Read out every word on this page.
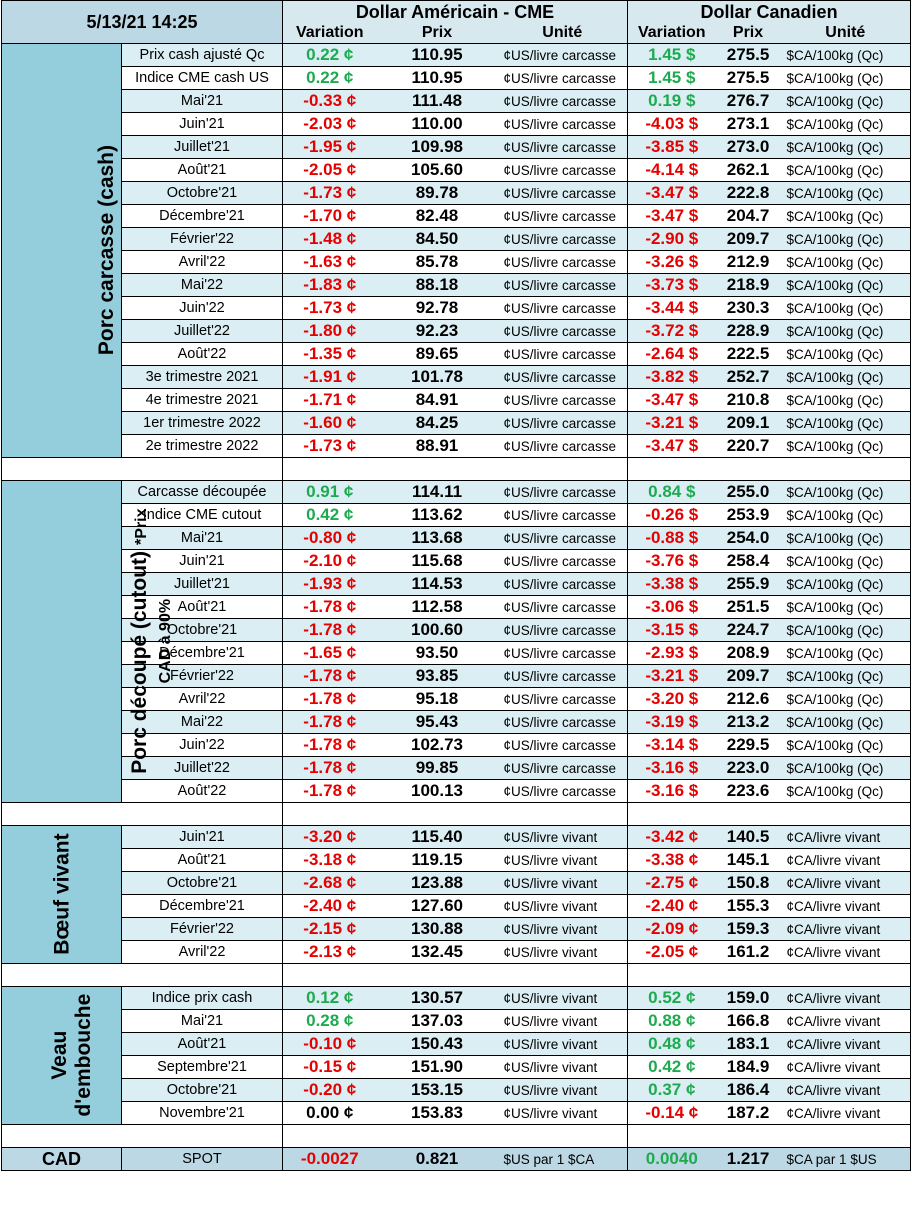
5/13/21 14:25		Dollar Américain - CME			Dollar Canadien		
		Variation	Prix	Unité	Variation	Prix	Unité
Porc carcasse (cash)	Prix cash ajusté Qc	0.22 ¢	110.95	¢US/livre carcasse	1.45 $	275.5	$CA/100kg (Qc)
	Indice CME cash US	0.22 ¢	110.95	¢US/livre carcasse	1.45 $	275.5	$CA/100kg (Qc)
	Mai'21	-0.33 ¢	111.48	¢US/livre carcasse	0.19 $	276.7	$CA/100kg (Qc)
	Juin'21	-2.03 ¢	110.00	¢US/livre carcasse	-4.03 $	273.1	$CA/100kg (Qc)
	Juillet'21	-1.95 ¢	109.98	¢US/livre carcasse	-3.85 $	273.0	$CA/100kg (Qc)
	Août'21	-2.05 ¢	105.60	¢US/livre carcasse	-4.14 $	262.1	$CA/100kg (Qc)
	Octobre'21	-1.73 ¢	89.78	¢US/livre carcasse	-3.47 $	222.8	$CA/100kg (Qc)
	Décembre'21	-1.70 ¢	82.48	¢US/livre carcasse	-3.47 $	204.7	$CA/100kg (Qc)
	Février'22	-1.48 ¢	84.50	¢US/livre carcasse	-2.90 $	209.7	$CA/100kg (Qc)
	Avril'22	-1.63 ¢	85.78	¢US/livre carcasse	-3.26 $	212.9	$CA/100kg (Qc)
	Mai'22	-1.83 ¢	88.18	¢US/livre carcasse	-3.73 $	218.9	$CA/100kg (Qc)
	Juin'22	-1.73 ¢	92.78	¢US/livre carcasse	-3.44 $	230.3	$CA/100kg (Qc)
	Juillet'22	-1.80 ¢	92.23	¢US/livre carcasse	-3.72 $	228.9	$CA/100kg (Qc)
	Août'22	-1.35 ¢	89.65	¢US/livre carcasse	-2.64 $	222.5	$CA/100kg (Qc)
	3e trimestre 2021	-1.91 ¢	101.78	¢US/livre carcasse	-3.82 $	252.7	$CA/100kg (Qc)
	4e trimestre 2021	-1.71 ¢	84.91	¢US/livre carcasse	-3.47 $	210.8	$CA/100kg (Qc)
	1er trimestre 2022	-1.60 ¢	84.25	¢US/livre carcasse	-3.21 $	209.1	$CA/100kg (Qc)
	2e trimestre 2022	-1.73 ¢	88.91	¢US/livre carcasse	-3.47 $	220.7	$CA/100kg (Qc)

Porc découpé (cutout)*Prix CAD à 90%	Carcasse découpée	0.91 ¢	114.11	¢US/livre carcasse	0.84 $	255.0	$CA/100kg (Qc)
	Indice CME cutout	0.42 ¢	113.62	¢US/livre carcasse	-0.26 $	253.9	$CA/100kg (Qc)
	Mai'21	-0.80 ¢	113.68	¢US/livre carcasse	-0.88 $	254.0	$CA/100kg (Qc)
	Juin'21	-2.10 ¢	115.68	¢US/livre carcasse	-3.76 $	258.4	$CA/100kg (Qc)
	Juillet'21	-1.93 ¢	114.53	¢US/livre carcasse	-3.38 $	255.9	$CA/100kg (Qc)
	Août'21	-1.78 ¢	112.58	¢US/livre carcasse	-3.06 $	251.5	$CA/100kg (Qc)
	Octobre'21	-1.78 ¢	100.60	¢US/livre carcasse	-3.15 $	224.7	$CA/100kg (Qc)
	Décembre'21	-1.65 ¢	93.50	¢US/livre carcasse	-2.93 $	208.9	$CA/100kg (Qc)
	Février'22	-1.78 ¢	93.85	¢US/livre carcasse	-3.21 $	209.7	$CA/100kg (Qc)
	Avril'22	-1.78 ¢	95.18	¢US/livre carcasse	-3.20 $	212.6	$CA/100kg (Qc)
	Mai'22	-1.78 ¢	95.43	¢US/livre carcasse	-3.19 $	213.2	$CA/100kg (Qc)
	Juin'22	-1.78 ¢	102.73	¢US/livre carcasse	-3.14 $	229.5	$CA/100kg (Qc)
	Juillet'22	-1.78 ¢	99.85	¢US/livre carcasse	-3.16 $	223.0	$CA/100kg (Qc)
	Août'22	-1.78 ¢	100.13	¢US/livre carcasse	-3.16 $	223.6	$CA/100kg (Qc)

Bœuf vivant	Juin'21	-3.20 ¢	115.40	¢US/livre vivant	-3.42 ¢	140.5	¢CA/livre vivant
	Août'21	-3.18 ¢	119.15	¢US/livre vivant	-3.38 ¢	145.1	¢CA/livre vivant
	Octobre'21	-2.68 ¢	123.88	¢US/livre vivant	-2.75 ¢	150.8	¢CA/livre vivant
	Décembre'21	-2.40 ¢	127.60	¢US/livre vivant	-2.40 ¢	155.3	¢CA/livre vivant
	Février'22	-2.15 ¢	130.88	¢US/livre vivant	-2.09 ¢	159.3	¢CA/livre vivant
	Avril'22	-2.13 ¢	132.45	¢US/livre vivant	-2.05 ¢	161.2	¢CA/livre vivant

Veau d'embouche	Indice prix cash	0.12 ¢	130.57	¢US/livre vivant	0.52 ¢	159.0	¢CA/livre vivant
	Mai'21	0.28 ¢	137.03	¢US/livre vivant	0.88 ¢	166.8	¢CA/livre vivant
	Août'21	-0.10 ¢	150.43	¢US/livre vivant	0.48 ¢	183.1	¢CA/livre vivant
	Septembre'21	-0.15 ¢	151.90	¢US/livre vivant	0.42 ¢	184.9	¢CA/livre vivant
	Octobre'21	-0.20 ¢	153.15	¢US/livre vivant	0.37 ¢	186.4	¢CA/livre vivant
	Novembre'21	0.00 ¢	153.83	¢US/livre vivant	-0.14 ¢	187.2	¢CA/livre vivant

CAD	SPOT	-0.0027	0.821	$US par 1 $CA	0.0040	1.217	$CA par 1 $US
